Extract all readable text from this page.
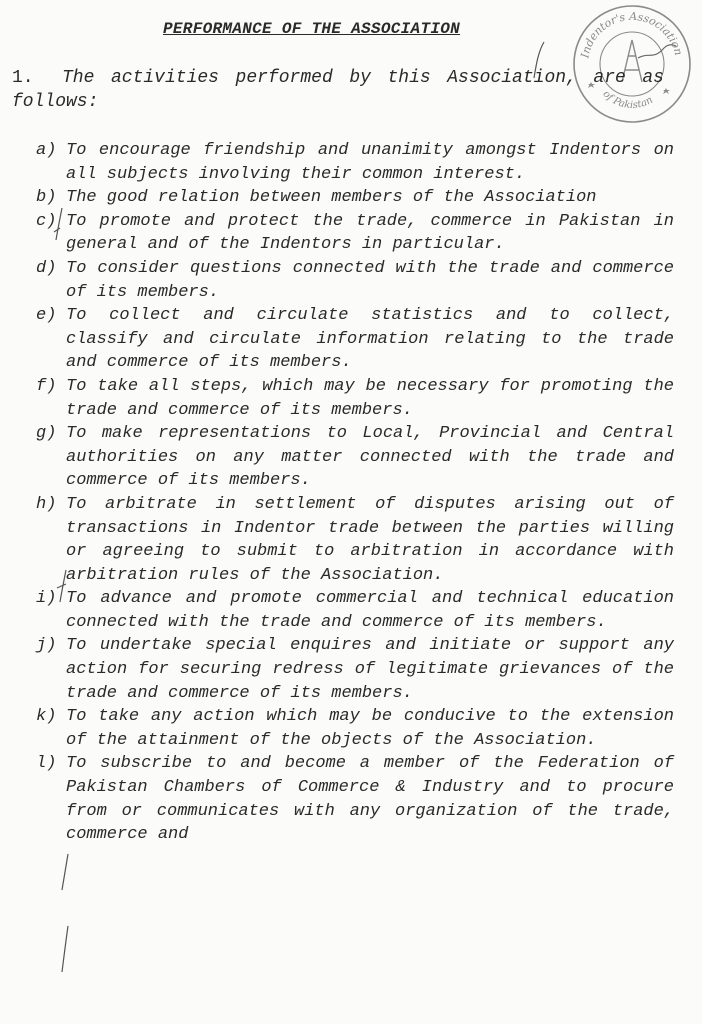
PERFORMANCE OF THE ASSOCIATION
Indentor's Association
of Pakistan
1. The activities performed by this Association, are as follows:
a) To encourage friendship and unanimity amongst Indentors on all subjects involving their common interest.
b) The good relation between members of the Association
c) To promote and protect the trade, commerce in Pakistan in general and of the Indentors in particular.
d) To consider questions connected with the trade and commerce of its members.
e) To collect and circulate statistics and to collect, classify and circulate information relating to the trade and commerce of its members.
f) To take all steps, which may be necessary for promoting the trade and commerce of its members.
g) To make representations to Local, Provincial and Central authorities on any matter connected with the trade and commerce of its members.
h) To arbitrate in settlement of disputes arising out of transactions in Indentor trade between the parties willing or agreeing to submit to arbitration in accordance with arbitration rules of the Association.
i) To advance and promote commercial and technical education connected with the trade and commerce of its members.
j) To undertake special enquires and initiate or support any action for securing redress of legitimate grievances of the trade and commerce of its members.
k) To take any action which may be conducive to the extension of the attainment of the objects of the Association.
l) To subscribe to and become a member of the Federation of Pakistan Chambers of Commerce & Industry and to procure from or communicates with any organization of the trade, commerce and
